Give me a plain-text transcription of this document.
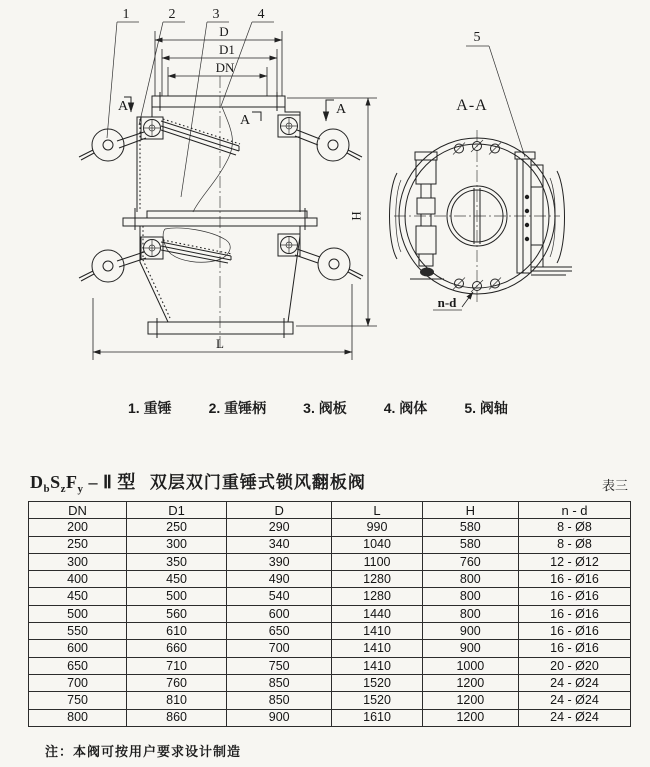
D
D1
DN
1	2	3	4
A
A
A
L
H
5
A-A
n-d
1. 重锤	2. 重锤柄	3. 阀板	4. 阀体	5. 阀轴
$D_bS_zF_y$ – Ⅱ 型 双层双门重锤式锁风翻板阀	表三
DN	D1	D	L	H	n - d
200	250	290	990	580	8 - Ø8
250	300	340	1040	580	8 - Ø8
300	350	390	1100	760	12 - Ø12
400	450	490	1280	800	16 - Ø16
450	500	540	1280	800	16 - Ø16
500	560	600	1440	800	16 - Ø16
550	610	650	1410	900	16 - Ø16
600	660	700	1410	900	16 - Ø16
650	710	750	1410	1000	20 - Ø20
700	760	850	1520	1200	24 - Ø24
750	810	850	1520	1200	24 - Ø24
800	860	900	1610	1200	24 - Ø24
注：本阀可按用户要求设计制造
